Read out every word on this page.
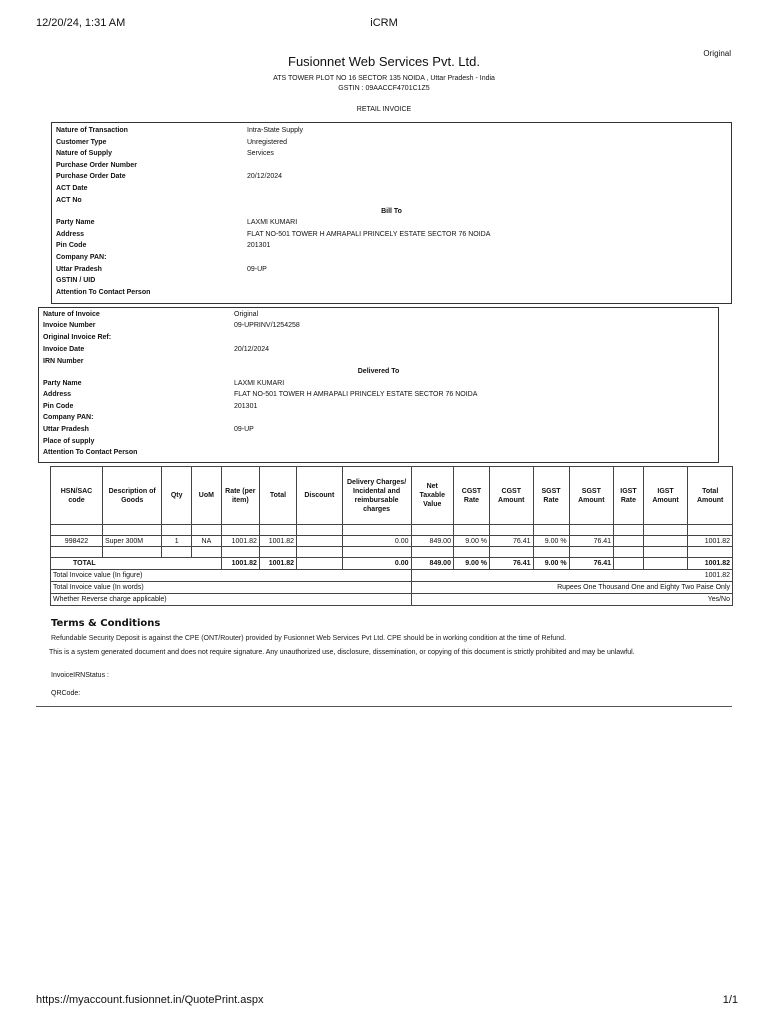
12/20/24, 1:31 AM	iCRM
Original
Fusionnet Web Services Pvt. Ltd.
ATS TOWER PLOT NO 16 SECTOR 135 NOIDA , Uttar Pradesh - India
GSTIN : 09AACCF4701C1Z5
RETAIL INVOICE
Nature of Transaction	Intra-State Supply
Customer Type	Unregistered
Nature of Supply	Services
Purchase Order Number
Purchase Order Date	20/12/2024
ACT Date
ACT No
Bill To
Party Name	LAXMI KUMARI
Address	FLAT NO-501 TOWER H AMRAPALI PRINCELY ESTATE SECTOR 76 NOIDA
Pin Code	201301
Company PAN:
Uttar Pradesh	09-UP
GSTIN / UID
Attention To Contact Person
Nature of Invoice	Original
Invoice Number	09-UPRINV/1254258
Original Invoice Ref:
Invoice Date	20/12/2024
IRN Number
Delivered To
Party Name	LAXMI KUMARI
Address	FLAT NO-501 TOWER H AMRAPALI PRINCELY ESTATE SECTOR 76 NOIDA
Pin Code	201301
Company PAN:
Uttar Pradesh	09-UP
Place of supply
Attention To Contact Person
HSN/SAC code	Description of Goods	Qty	UoM	Rate (per item)	Total	Discount	Delivery Charges/ Incidental and reimbursable charges	Net Taxable Value	CGST Rate	CGST Amount	SGST Rate	SGST Amount	IGST Rate	IGST Amount	Total Amount

998422	Super 300M	1	NA	1001.82	1001.82		0.00	849.00	9.00 %	76.41	9.00 %	76.41			1001.82

TOTAL				1001.82	1001.82		0.00	849.00	9.00 %	76.41	9.00 %	76.41			1001.82
Total Invoice value (In figure)								1001.82							
Total Invoice value (In words)								Rupees One Thousand One and Eighty Two Paise Only							
Whether Reverse charge applicable)								Yes/No							
Terms & Conditions
Refundable Security Deposit is against the CPE (ONT/Router) provided by Fusionnet Web Services Pvt Ltd. CPE should be in working condition at the time of Refund.
This is a system generated document and does not require signature. Any unauthorized use, disclosure, dissemination, or copying of this document is strictly prohibited and may be unlawful.
InvoiceIRNStatus :
QRCode:
https://myaccount.fusionnet.in/QuotePrint.aspx	1/1
